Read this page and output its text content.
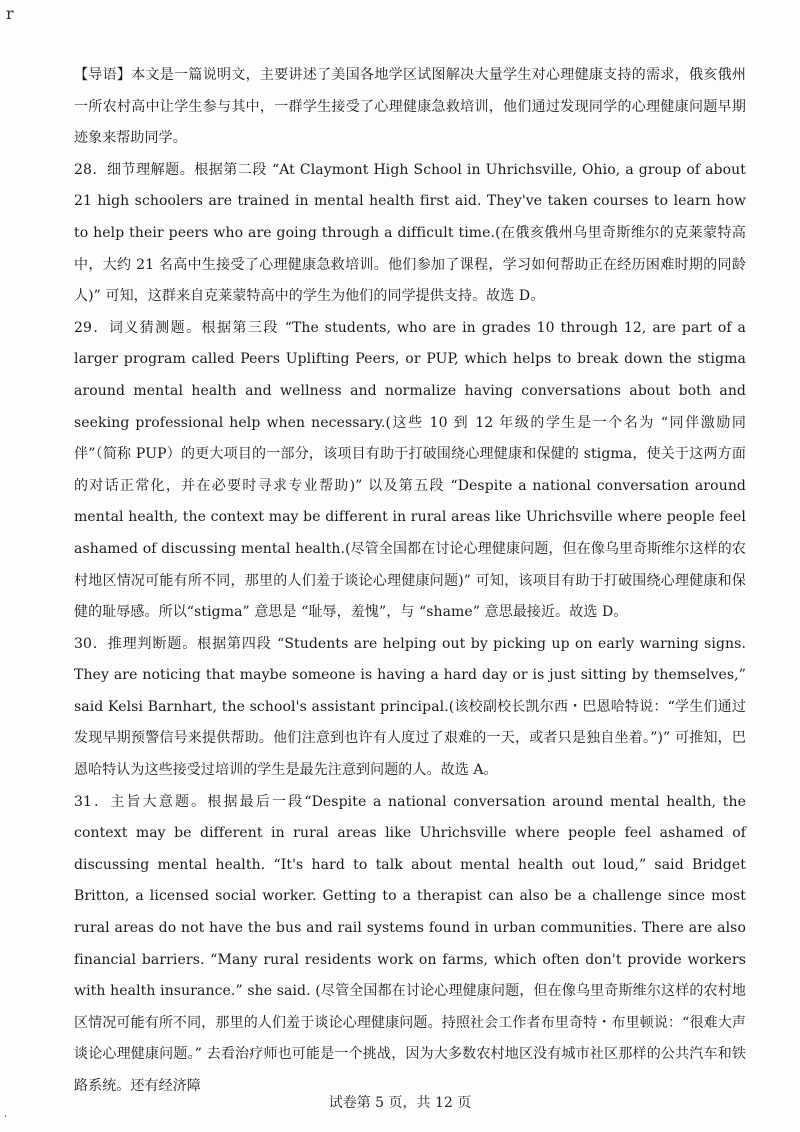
r

【导语】本文是一篇说明文，主要讲述了美国各地学区试图解决大量学生对心理健康支持的需求，俄亥俄州一所农村高中让学生参与其中，一群学生接受了心理健康急救培训，他们通过发现同学的心理健康问题早期迹象来帮助同学。

28．细节理解题。根据第二段 “At Claymont High School in Uhrichsville, Ohio, a group of about 21 high schoolers are trained in mental health first aid. They've taken courses to learn how to help their peers who are going through a difficult time.(在俄亥俄州乌里奇斯维尔的克莱蒙特高中，大约 21 名高中生接受了心理健康急救培训。他们参加了课程，学习如何帮助正在经历困难时期的同龄人)” 可知，这群来自克莱蒙特高中的学生为他们的同学提供支持。故选 D。

29．词义猜测题。根据第三段 “The students, who are in grades 10 through 12, are part of a larger program called Peers Uplifting Peers, or PUP, which helps to break down the stigma around mental health and wellness and normalize having conversations about both and seeking professional help when necessary.(这些 10 到 12 年级的学生是一个名为 “同伴激励同伴”（简称 PUP）的更大项目的一部分，该项目有助于打破围绕心理健康和保健的 stigma，使关于这两方面的对话正常化，并在必要时寻求专业帮助)” 以及第五段 “Despite a national conversation around mental health, the context may be different in rural areas like Uhrichsville where people feel ashamed of discussing mental health.(尽管全国都在讨论心理健康问题，但在像乌里奇斯维尔这样的农村地区情况可能有所不同，那里的人们羞于谈论心理健康问题)” 可知，该项目有助于打破围绕心理健康和保健的耻辱感。所以“stigma” 意思是 “耻辱，羞愧”，与 “shame” 意思最接近。故选 D。

30．推理判断题。根据第四段 “Students are helping out by picking up on early warning signs. They are noticing that maybe someone is having a hard day or is just sitting by themselves,” said Kelsi Barnhart, the school's assistant principal.(该校副校长凯尔西・巴恩哈特说：“学生们通过发现早期预警信号来提供帮助。他们注意到也许有人度过了艰难的一天，或者只是独自坐着。”)” 可推知，巴恩哈特认为这些接受过培训的学生是最先注意到问题的人。故选 A。

31．主旨大意题。根据最后一段“Despite a national conversation around mental health, the context may be different in rural areas like Uhrichsville where people feel ashamed of discussing mental health. “It's hard to talk about mental health out loud,” said Bridget Britton, a licensed social worker. Getting to a therapist can also be a challenge since most rural areas do not have the bus and rail systems found in urban communities. There are also financial barriers. “Many rural residents work on farms, which often don't provide workers with health insurance.” she said. (尽管全国都在讨论心理健康问题，但在像乌里奇斯维尔这样的农村地区情况可能有所不同，那里的人们羞于谈论心理健康问题。持照社会工作者布里奇特・布里顿说：“很难大声谈论心理健康问题。” 去看治疗师也可能是一个挑战，因为大多数农村地区没有城市社区那样的公共汽车和铁路系统。还有经济障

试卷第 5 页，共 12 页
,
